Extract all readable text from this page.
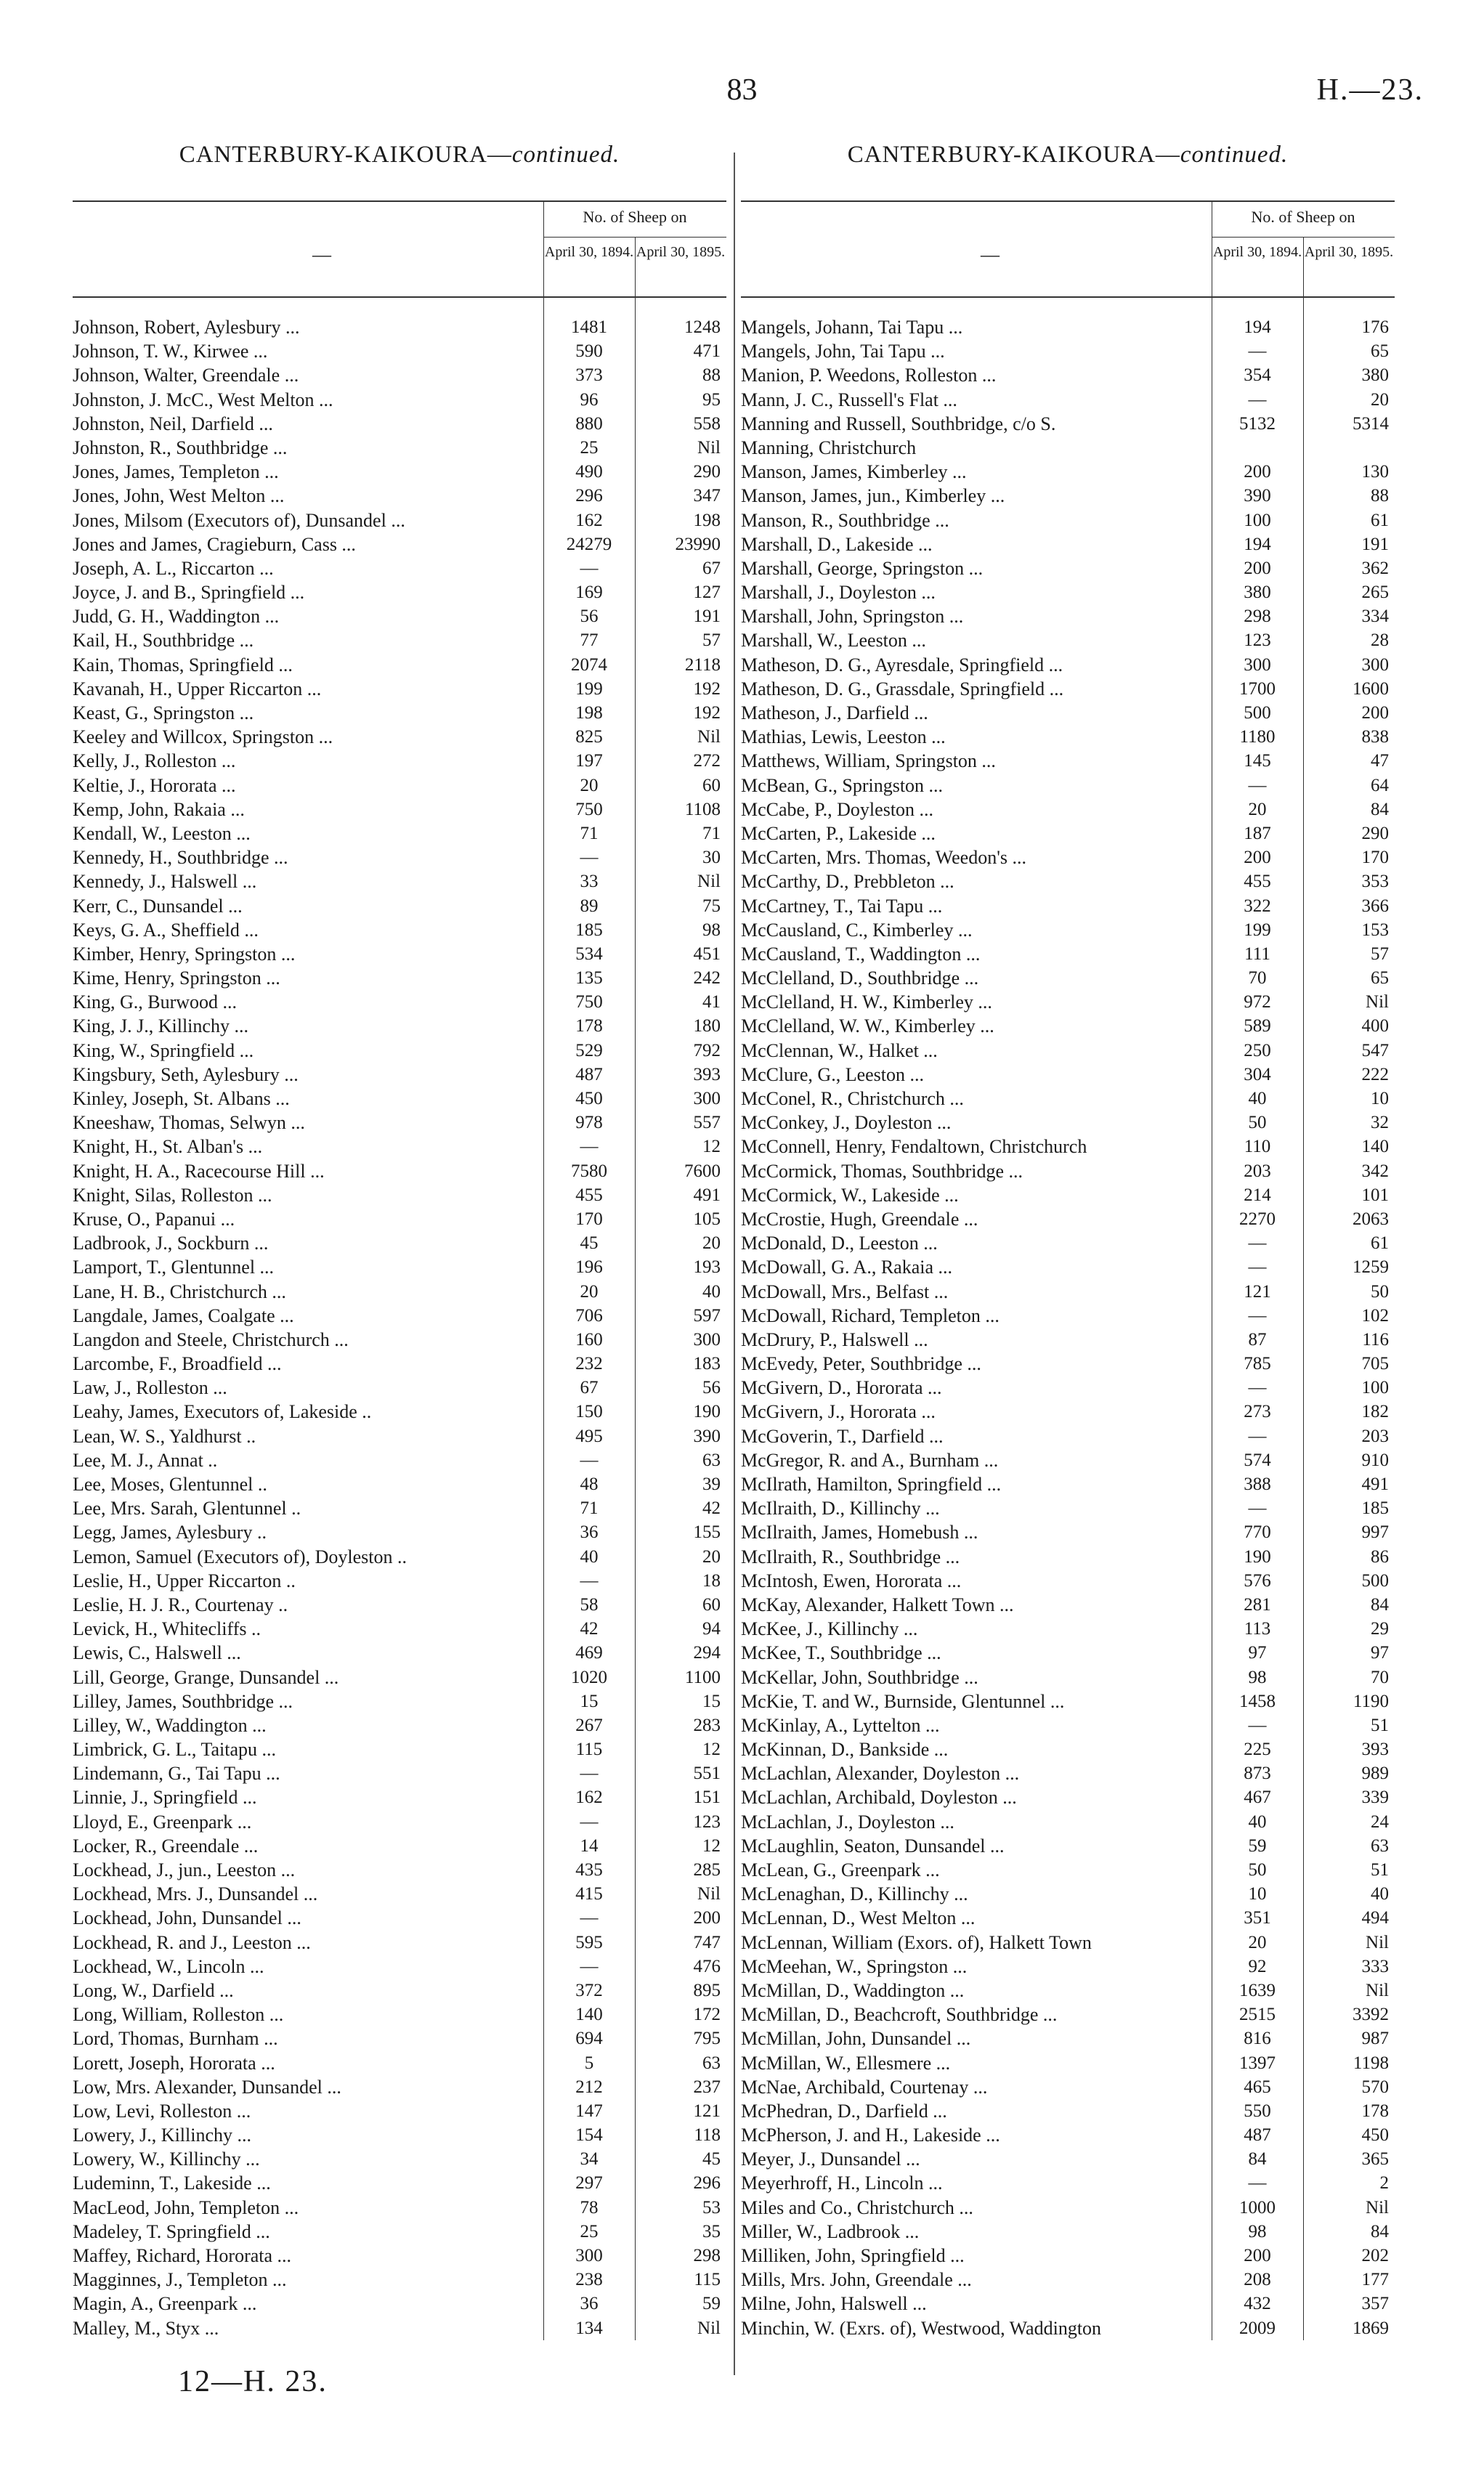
83	H.—23.
CANTERBURY-KAIKOURA—continued.
—
No. of Sheep on
April 30, 1894. April 30, 1895.
Johnson, Robert, Aylesbury ...	1481	1248
Johnson, T. W., Kirwee ...	590	471
Johnson, Walter, Greendale ...	373	88
Johnston, J. McC., West Melton ...	96	95
Johnston, Neil, Darfield ...	880	558
Johnston, R., Southbridge ...	25	Nil
Jones, James, Templeton ...	490	290
Jones, John, West Melton ...	296	347
Jones, Milsom (Executors of), Dunsandel ...	162	198
Jones and James, Cragieburn, Cass ...	24279	23990
Joseph, A. L., Riccarton ...	—	67
Joyce, J. and B., Springfield ...	169	127
Judd, G. H., Waddington ...	56	191
Kail, H., Southbridge ...	77	57
Kain, Thomas, Springfield ...	2074	2118
Kavanah, H., Upper Riccarton ...	199	192
Keast, G., Springston ...	198	192
Keeley and Willcox, Springston ...	825	Nil
Kelly, J., Rolleston ...	197	272
Keltie, J., Hororata ...	20	60
Kemp, John, Rakaia ...	750	1108
Kendall, W., Leeston ...	71	71
Kennedy, H., Southbridge ...	—	30
Kennedy, J., Halswell ...	33	Nil
Kerr, C., Dunsandel ...	89	75
Keys, G. A., Sheffield ...	185	98
Kimber, Henry, Springston ...	534	451
Kime, Henry, Springston ...	135	242
King, G., Burwood ...	750	41
King, J. J., Killinchy ...	178	180
King, W., Springfield ...	529	792
Kingsbury, Seth, Aylesbury ...	487	393
Kinley, Joseph, St. Albans ...	450	300
Kneeshaw, Thomas, Selwyn ...	978	557
Knight, H., St. Alban's ...	—	12
Knight, H. A., Racecourse Hill ...	7580	7600
Knight, Silas, Rolleston ...	455	491
Kruse, O., Papanui ...	170	105
Ladbrook, J., Sockburn ...	45	20
Lamport, T., Glentunnel ...	196	193
Lane, H. B., Christchurch ...	20	40
Langdale, James, Coalgate ...	706	597
Langdon and Steele, Christchurch ...	160	300
Larcombe, F., Broadfield ...	232	183
Law, J., Rolleston ...	67	56
Leahy, James, Executors of, Lakeside ..	150	190
Lean, W. S., Yaldhurst ..	495	390
Lee, M. J., Annat ..	—	63
Lee, Moses, Glentunnel ..	48	39
Lee, Mrs. Sarah, Glentunnel ..	71	42
Legg, James, Aylesbury ..	36	155
Lemon, Samuel (Executors of), Doyleston ..	40	20
Leslie, H., Upper Riccarton ..	—	18
Leslie, H. J. R., Courtenay ..	58	60
Levick, H., Whitecliffs ..	42	94
Lewis, C., Halswell ...	469	294
Lill, George, Grange, Dunsandel ...	1020	1100
Lilley, James, Southbridge ...	15	15
Lilley, W., Waddington ...	267	283
Limbrick, G. L., Taitapu ...	115	12
Lindemann, G., Tai Tapu ...	—	551
Linnie, J., Springfield ...	162	151
Lloyd, E., Greenpark ...	—	123
Locker, R., Greendale ...	14	12
Lockhead, J., jun., Leeston ...	435	285
Lockhead, Mrs. J., Dunsandel ...	415	Nil
Lockhead, John, Dunsandel ...	—	200
Lockhead, R. and J., Leeston ...	595	747
Lockhead, W., Lincoln ...	—	476
Long, W., Darfield ...	372	895
Long, William, Rolleston ...	140	172
Lord, Thomas, Burnham ...	694	795
Lorett, Joseph, Hororata ...	5	63
Low, Mrs. Alexander, Dunsandel ...	212	237
Low, Levi, Rolleston ...	147	121
Lowery, J., Killinchy ...	154	118
Lowery, W., Killinchy ...	34	45
Ludeminn, T., Lakeside ...	297	296
MacLeod, John, Templeton ...	78	53
Madeley, T. Springfield ...	25	35
Maffey, Richard, Hororata ...	300	298
Magginnes, J., Templeton ...	238	115
Magin, A., Greenpark ...	36	59
Malley, M., Styx ...	134	Nil
CANTERBURY-KAIKOURA—continued.
—
No. of Sheep on
April 30, 1894. April 30, 1895.
Mangels, Johann, Tai Tapu ...	194	176
Mangels, John, Tai Tapu ...	—	65
Manion, P. Weedons, Rolleston ...	354	380
Mann, J. C., Russell's Flat ...	—	20
Manning and Russell, Southbridge, c/o S.	5132	5314
Manning, Christchurch
Manson, James, Kimberley ...	200	130
Manson, James, jun., Kimberley ...	390	88
Manson, R., Southbridge ...	100	61
Marshall, D., Lakeside ...	194	191
Marshall, George, Springston ...	200	362
Marshall, J., Doyleston ...	380	265
Marshall, John, Springston ...	298	334
Marshall, W., Leeston ...	123	28
Matheson, D. G., Ayresdale, Springfield ...	300	300
Matheson, D. G., Grassdale, Springfield ...	1700	1600
Matheson, J., Darfield ...	500	200
Mathias, Lewis, Leeston ...	1180	838
Matthews, William, Springston ...	145	47
McBean, G., Springston ...	—	64
McCabe, P., Doyleston ...	20	84
McCarten, P., Lakeside ...	187	290
McCarten, Mrs. Thomas, Weedon's ...	200	170
McCarthy, D., Prebbleton ...	455	353
McCartney, T., Tai Tapu ...	322	366
McCausland, C., Kimberley ...	199	153
McCausland, T., Waddington ...	111	57
McClelland, D., Southbridge ...	70	65
McClelland, H. W., Kimberley ...	972	Nil
McClelland, W. W., Kimberley ...	589	400
McClennan, W., Halket ...	250	547
McClure, G., Leeston ...	304	222
McConel, R., Christchurch ...	40	10
McConkey, J., Doyleston ...	50	32
McConnell, Henry, Fendaltown, Christchurch	110	140
McCormick, Thomas, Southbridge ...	203	342
McCormick, W., Lakeside ...	214	101
McCrostie, Hugh, Greendale ...	2270	2063
McDonald, D., Leeston ...	—	61
McDowall, G. A., Rakaia ...	—	1259
McDowall, Mrs., Belfast ...	121	50
McDowall, Richard, Templeton ...	—	102
McDrury, P., Halswell ...	87	116
McEvedy, Peter, Southbridge ...	785	705
McGivern, D., Hororata ...	—	100
McGivern, J., Hororata ...	273	182
McGoverin, T., Darfield ...	—	203
McGregor, R. and A., Burnham ...	574	910
McIlrath, Hamilton, Springfield ...	388	491
McIlraith, D., Killinchy ...	—	185
McIlraith, James, Homebush ...	770	997
McIlraith, R., Southbridge ...	190	86
McIntosh, Ewen, Hororata ...	576	500
McKay, Alexander, Halkett Town ...	281	84
McKee, J., Killinchy ...	113	29
McKee, T., Southbridge ...	97	97
McKellar, John, Southbridge ...	98	70
McKie, T. and W., Burnside, Glentunnel ...	1458	1190
McKinlay, A., Lyttelton ...	—	51
McKinnan, D., Bankside ...	225	393
McLachlan, Alexander, Doyleston ...	873	989
McLachlan, Archibald, Doyleston ...	467	339
McLachlan, J., Doyleston ...	40	24
McLaughlin, Seaton, Dunsandel ...	59	63
McLean, G., Greenpark ...	50	51
McLenaghan, D., Killinchy ...	10	40
McLennan, D., West Melton ...	351	494
McLennan, William (Exors. of), Halkett Town	20	Nil
McMeehan, W., Springston ...	92	333
McMillan, D., Waddington ...	1639	Nil
McMillan, D., Beachcroft, Southbridge ...	2515	3392
McMillan, John, Dunsandel ...	816	987
McMillan, W., Ellesmere ...	1397	1198
McNae, Archibald, Courtenay ...	465	570
McPhedran, D., Darfield ...	550	178
McPherson, J. and H., Lakeside ...	487	450
Meyer, J., Dunsandel ...	84	365
Meyerhroff, H., Lincoln ...	—	2
Miles and Co., Christchurch ...	1000	Nil
Miller, W., Ladbrook ...	98	84
Milliken, John, Springfield ...	200	202
Mills, Mrs. John, Greendale ...	208	177
Milne, John, Halswell ...	432	357
Minchin, W. (Exrs. of), Westwood, Waddington	2009	1869
12—H. 23.
